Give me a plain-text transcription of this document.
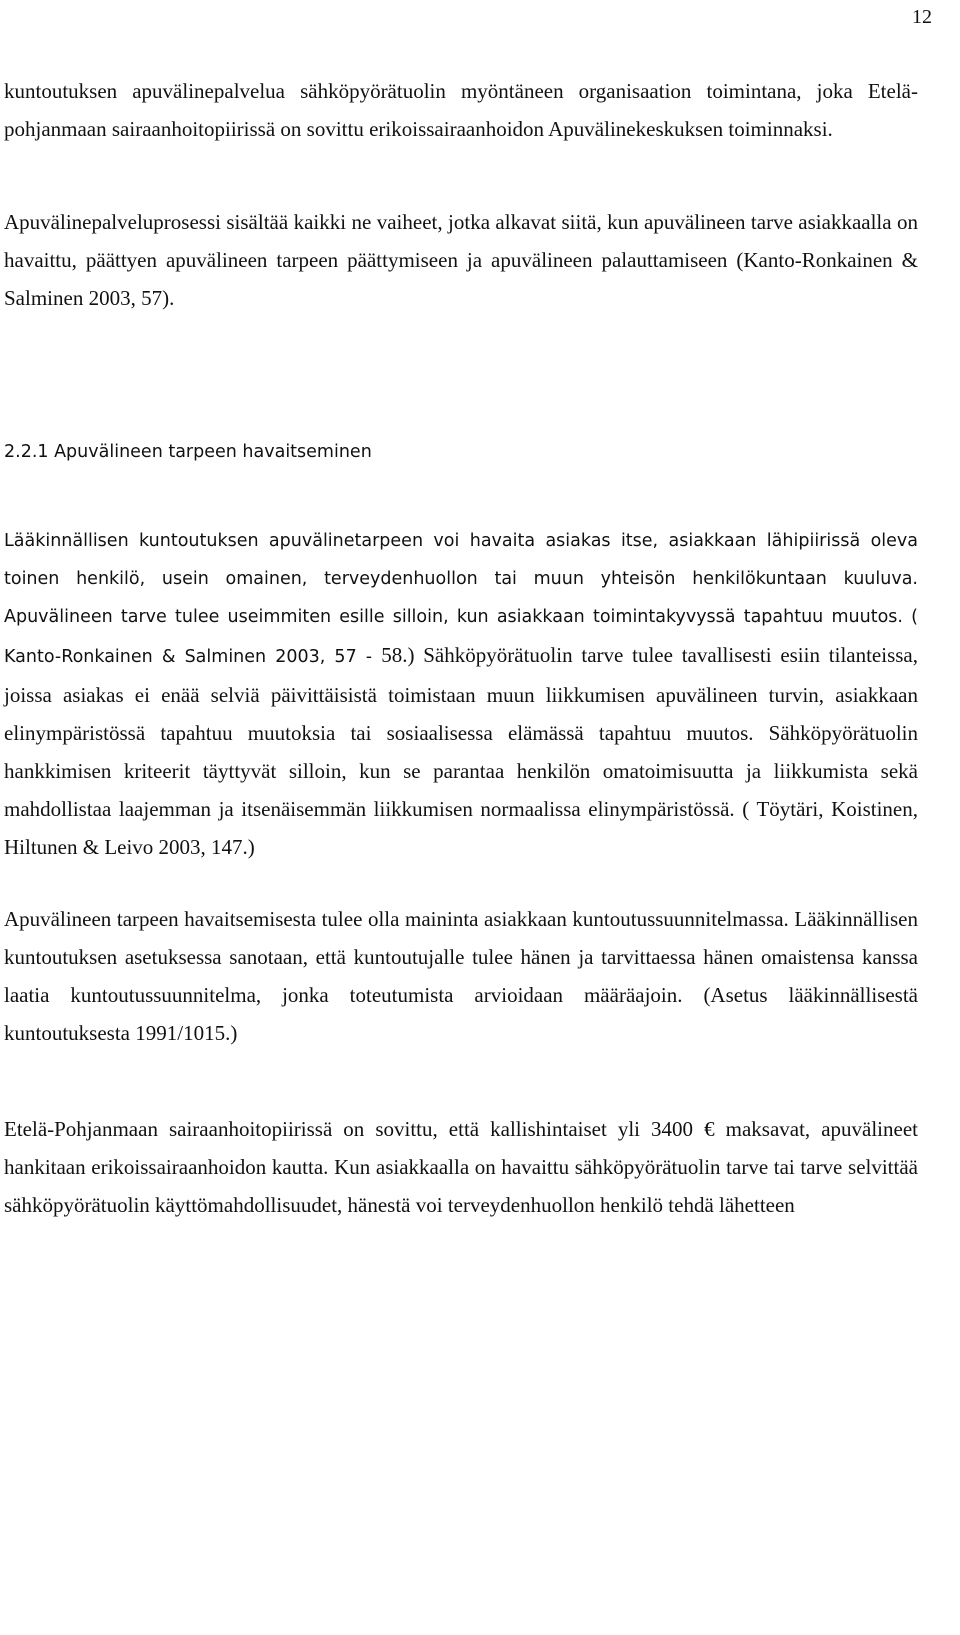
12

kuntoutuksen apuvälinepalvelua sähköpyörätuolin myöntäneen organisaation toimintana, joka Etelä-pohjanmaan sairaanhoitopiirissä on sovittu erikoissairaanhoidon Apuvälinekeskuksen toiminnaksi.

Apuvälinepalveluprosessi sisältää kaikki ne vaiheet, jotka alkavat siitä, kun apuvälineen tarve asiakkaalla on havaittu, päättyen apuvälineen tarpeen päättymiseen ja apuvälineen palauttamiseen (Kanto-Ronkainen & Salminen 2003, 57).

2.2.1 Apuvälineen tarpeen havaitseminen

Lääkinnällisen kuntoutuksen apuvälinetarpeen voi havaita asiakas itse, asiakkaan lähipiirissä oleva toinen henkilö, usein omainen, terveydenhuollon tai muun yhteisön henkilökuntaan kuuluva. Apuvälineen tarve tulee useimmiten esille silloin, kun asiakkaan toimintakyvyssä tapahtuu muutos. ( Kanto-Ronkainen & Salminen 2003, 57 - 58.) Sähköpyörätuolin tarve tulee tavallisesti esiin tilanteissa, joissa asiakas ei enää selviä päivittäisistä toimistaan muun liikkumisen apuvälineen turvin, asiakkaan elinympäristössä tapahtuu muutoksia tai sosiaalisessa elämässä tapahtuu muutos. Sähköpyörätuolin hankkimisen kriteerit täyttyvät silloin, kun se parantaa henkilön omatoimisuutta ja liikkumista sekä mahdollistaa laajemman ja itsenäisemmän liikkumisen normaalissa elinympäristössä. ( Töytäri, Koistinen, Hiltunen & Leivo 2003, 147.)

Apuvälineen tarpeen havaitsemisesta tulee olla maininta asiakkaan kuntoutussuunnitelmassa. Lääkinnällisen kuntoutuksen asetuksessa sanotaan, että kuntoutujalle tulee hänen ja tarvittaessa hänen omaistensa kanssa laatia kuntoutussuunnitelma, jonka toteutumista arvioidaan määräajoin. (Asetus lääkinnällisestä kuntoutuksesta 1991/1015.)

Etelä-Pohjanmaan sairaanhoitopiirissä on sovittu, että kallishintaiset yli 3400 € maksavat, apuvälineet hankitaan erikoissairaanhoidon kautta. Kun asiakkaalla on havaittu sähköpyörätuolin tarve tai tarve selvittää sähköpyörätuolin käyttömahdollisuudet, hänestä voi terveydenhuollon henkilö tehdä lähetteen
